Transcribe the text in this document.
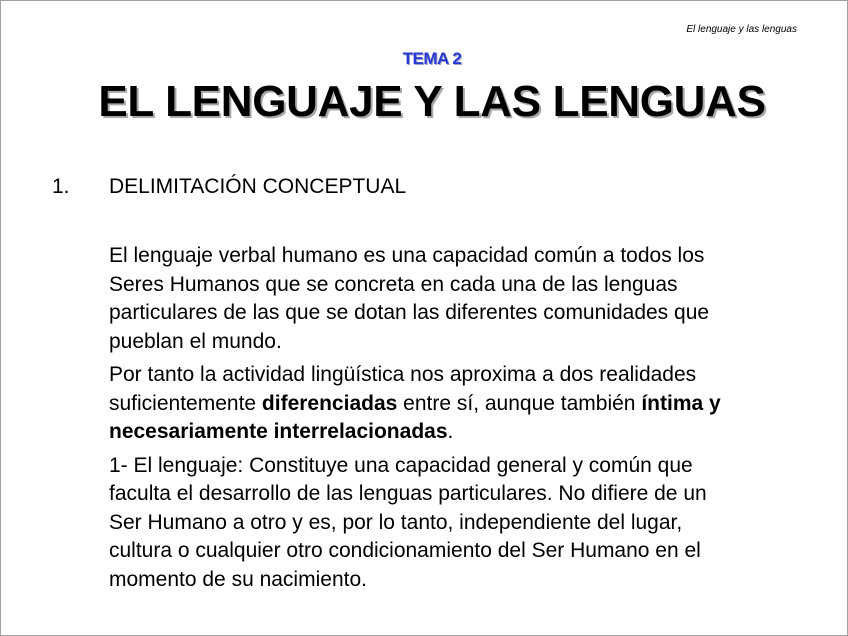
El lenguaje y las lenguas
TEMA 2
EL LENGUAJE Y LAS LENGUAS
1. DELIMITACIÓN CONCEPTUAL

El lenguaje verbal humano es una capacidad común a todos los
Seres Humanos que se concreta en cada una de las lenguas
particulares de las que se dotan las diferentes comunidades que
pueblan el mundo.

Por tanto la actividad lingüística nos aproxima a dos realidades
suficientemente diferenciadas entre sí, aunque también íntima y
necesariamente interrelacionadas.

1- El lenguaje: Constituye una capacidad general y común que
faculta el desarrollo de las lenguas particulares. No difiere de un
Ser Humano a otro y es, por lo tanto, independiente del lugar,
cultura o cualquier otro condicionamiento del Ser Humano en el
momento de su nacimiento.
